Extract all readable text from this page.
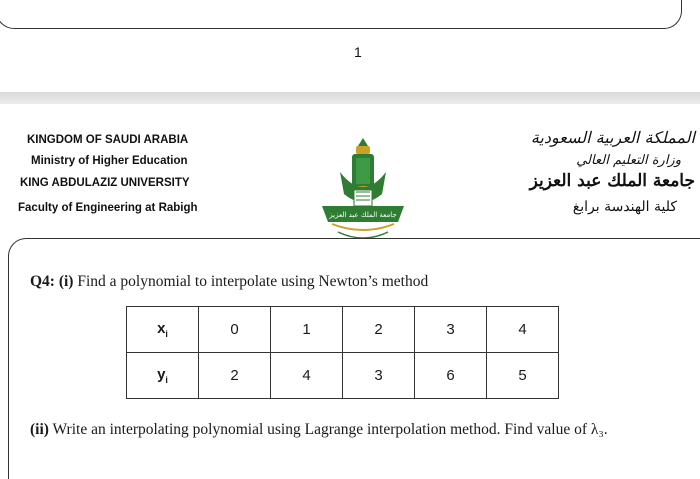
1
KINGDOM OF SAUDI ARABIA
Ministry of Higher Education
KING ABDULAZIZ UNIVERSITY
Faculty of Engineering at Rabigh
المملكة العربية السعودية
وزارة التعليم العالي
جامعة الملك عبد العزيز
كلية الهندسة برابغ
جامعة الملك عبد العزيز
Q4: (i) Find a polynomial to interpolate using Newton’s method
$x_i$	0	1	2	3	4
$y_i$	2	4	3	6	5
(ii) Write an interpolating polynomial using Lagrange interpolation method. Find value of λ₃.
